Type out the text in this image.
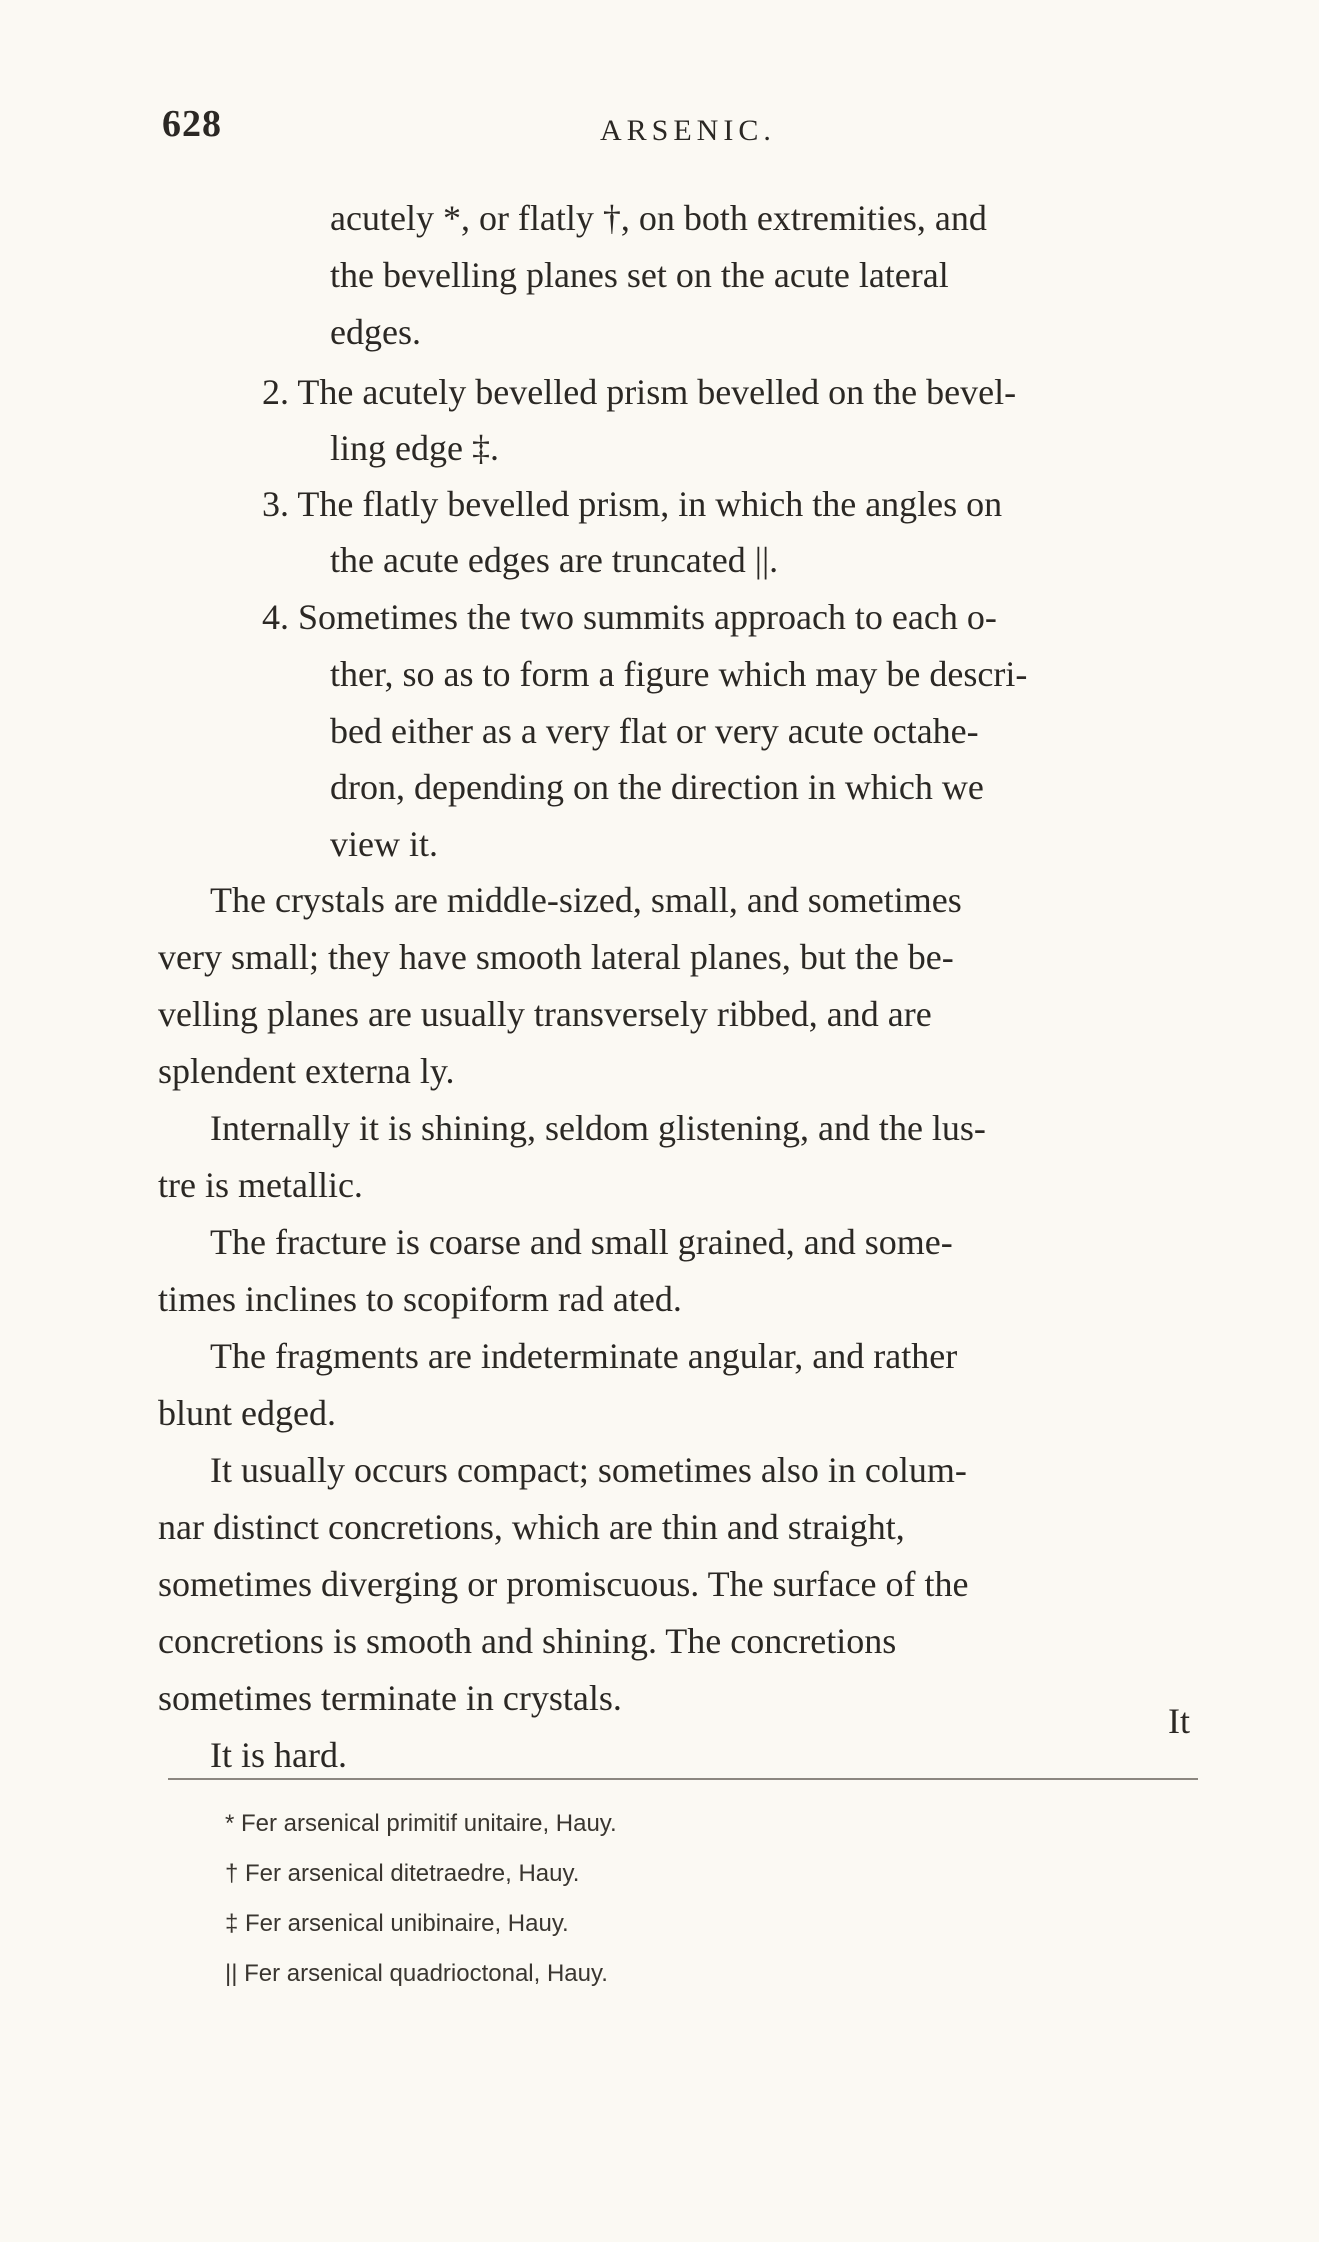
628	ARSENIC.
acutely *, or flatly †, on both extremities, and
the bevelling planes set on the acute lateral
edges.
2. The acutely bevelled prism bevelled on the bevel-
ling edge ‡.
3. The flatly bevelled prism, in which the angles on
the acute edges are truncated ||.
4. Sometimes the two summits approach to each o-
ther, so as to form a figure which may be descri-
bed either as a very flat or very acute octahe-
dron, depending on the direction in which we
view it.
The crystals are middle-sized, small, and sometimes
very small; they have smooth lateral planes, but the be-
velling planes are usually transversely ribbed, and are
splendent externa ly.
Internally it is shining, seldom glistening, and the lus-
tre is metallic.
The fracture is coarse and small grained, and some-
times inclines to scopiform rad ated.
The fragments are indeterminate angular, and rather
blunt edged.
It usually occurs compact; sometimes also in colum-
nar distinct concretions, which are thin and straight,
sometimes diverging or promiscuous. The surface of the
concretions is smooth and shining. The concretions
sometimes terminate in crystals.
It is hard.
It
* Fer arsenical primitif unitaire, Hauy.
† Fer arsenical ditetraedre, Hauy.
‡ Fer arsenical unibinaire, Hauy.
|| Fer arsenical quadrioctonal, Hauy.
